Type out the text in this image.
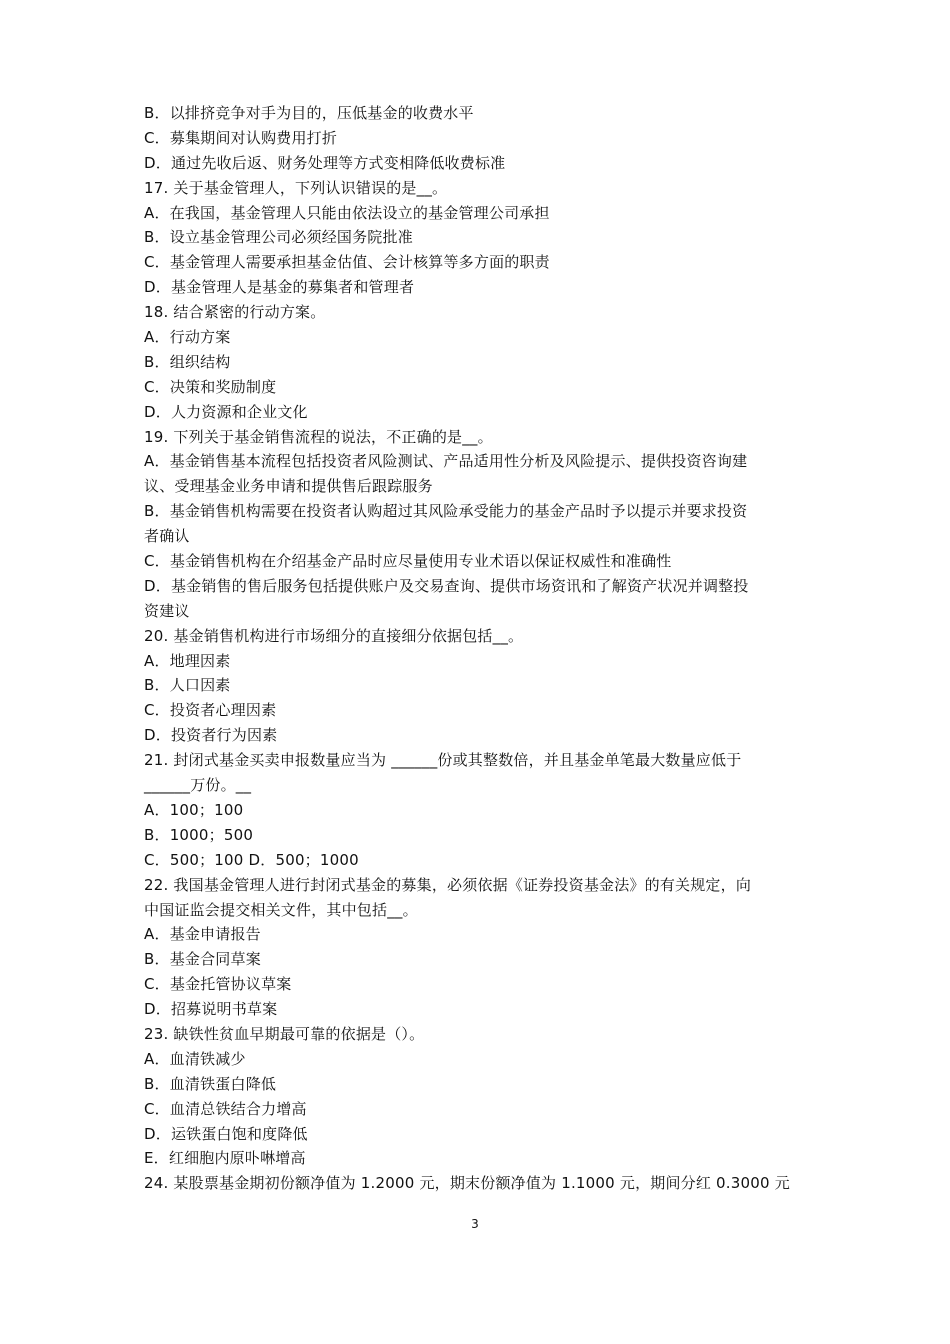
B．以排挤竞争对手为目的，压低基金的收费水平
C．募集期间对认购费用打折
D．通过先收后返、财务处理等方式变相降低收费标准
17. 关于基金管理人，下列认识错误的是__。
A．在我国，基金管理人只能由依法设立的基金管理公司承担
B．设立基金管理公司必须经国务院批准
C．基金管理人需要承担基金估值、会计核算等多方面的职责
D．基金管理人是基金的募集者和管理者
18. 结合紧密的行动方案。
A．行动方案
B．组织结构
C．决策和奖励制度
D．人力资源和企业文化
19. 下列关于基金销售流程的说法，不正确的是__。
A．基金销售基本流程包括投资者风险测试、产品适用性分析及风险提示、提供投资咨询建
议、受理基金业务申请和提供售后跟踪服务
B．基金销售机构需要在投资者认购超过其风险承受能力的基金产品时予以提示并要求投资
者确认
C．基金销售机构在介绍基金产品时应尽量使用专业术语以保证权威性和准确性
D．基金销售的售后服务包括提供账户及交易查询、提供市场资讯和了解资产状况并调整投
资建议
20. 基金销售机构进行市场细分的直接细分依据包括__。
A．地理因素
B．人口因素
C．投资者心理因素
D．投资者行为因素
21. 封闭式基金买卖申报数量应当为 ______份或其整数倍，并且基金单笔最大数量应低于
______万份。__
A．100；100
B．1000；500
C．500；100 D．500；1000
22. 我国基金管理人进行封闭式基金的募集，必须依据《证券投资基金法》的有关规定，向
中国证监会提交相关文件，其中包括__。
A．基金申请报告
B．基金合同草案
C．基金托管协议草案
D．招募说明书草案
23. 缺铁性贫血早期最可靠的依据是（）。
A．血清铁减少
B．血清铁蛋白降低
C．血清总铁结合力增高
D．运铁蛋白饱和度降低
E．红细胞内原卟啉增高
24. 某股票基金期初份额净值为 1.2000 元，期末份额净值为 1.1000 元，期间分红 0.3000 元
3
